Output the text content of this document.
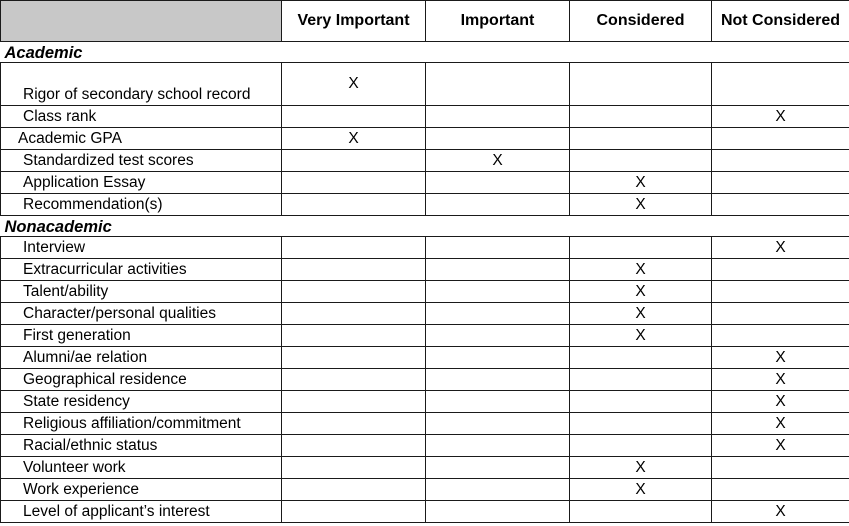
	Very Important	Important	Considered	Not Considered
Academic				
Rigor of secondary school record	X			
Class rank				X
Academic GPA	X			
Standardized test scores		X		
Application Essay			X	
Recommendation(s)			X	
Nonacademic				
Interview				X
Extracurricular activities			X	
Talent/ability			X	
Character/personal qualities			X	
First generation			X	
Alumni/ae relation				X
Geographical residence				X
State residency				X
Religious affiliation/commitment				X
Racial/ethnic status				X
Volunteer work			X	
Work experience			X	
Level of applicant’s interest				X
